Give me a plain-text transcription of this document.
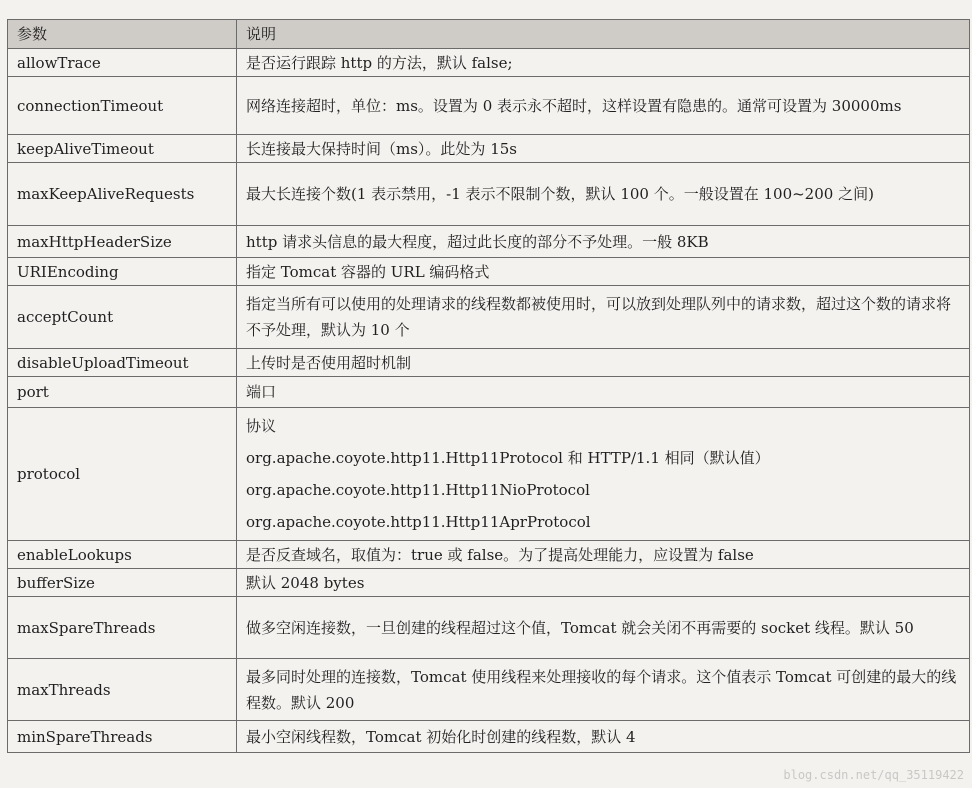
参数	说明
allowTrace	是否运行跟踪 http 的方法，默认 false;
connectionTimeout	网络连接超时，单位：ms。设置为 0 表示永不超时，这样设置有隐患的。通常可设置为 30000ms
keepAliveTimeout	长连接最大保持时间（ms）。此处为 15s
maxKeepAliveRequests	最大长连接个数(1 表示禁用，-1 表示不限制个数，默认 100 个。一般设置在 100~200 之间)
maxHttpHeaderSize	http 请求头信息的最大程度，超过此长度的部分不予处理。一般 8KB
URIEncoding	指定 Tomcat 容器的 URL 编码格式
acceptCount	指定当所有可以使用的处理请求的线程数都被使用时，可以放到处理队列中的请求数，超过这个数的请求将不予处理，默认为 10 个
disableUploadTimeout	上传时是否使用超时机制
port	端口
protocol	协议
org.apache.coyote.http11.Http11Protocol 和 HTTP/1.1 相同（默认值）
org.apache.coyote.http11.Http11NioProtocol
org.apache.coyote.http11.Http11AprProtocol

enableLookups	是否反查域名，取值为：true 或 false。为了提高处理能力，应设置为 false
bufferSize	默认 2048 bytes
maxSpareThreads	做多空闲连接数，一旦创建的线程超过这个值，Tomcat 就会关闭不再需要的 socket 线程。默认 50
maxThreads	最多同时处理的连接数，Tomcat 使用线程来处理接收的每个请求。这个值表示 Tomcat 可创建的最大的线程数。默认 200
minSpareThreads	最小空闲线程数，Tomcat 初始化时创建的线程数，默认 4
blog.csdn.net/qq_35119422
